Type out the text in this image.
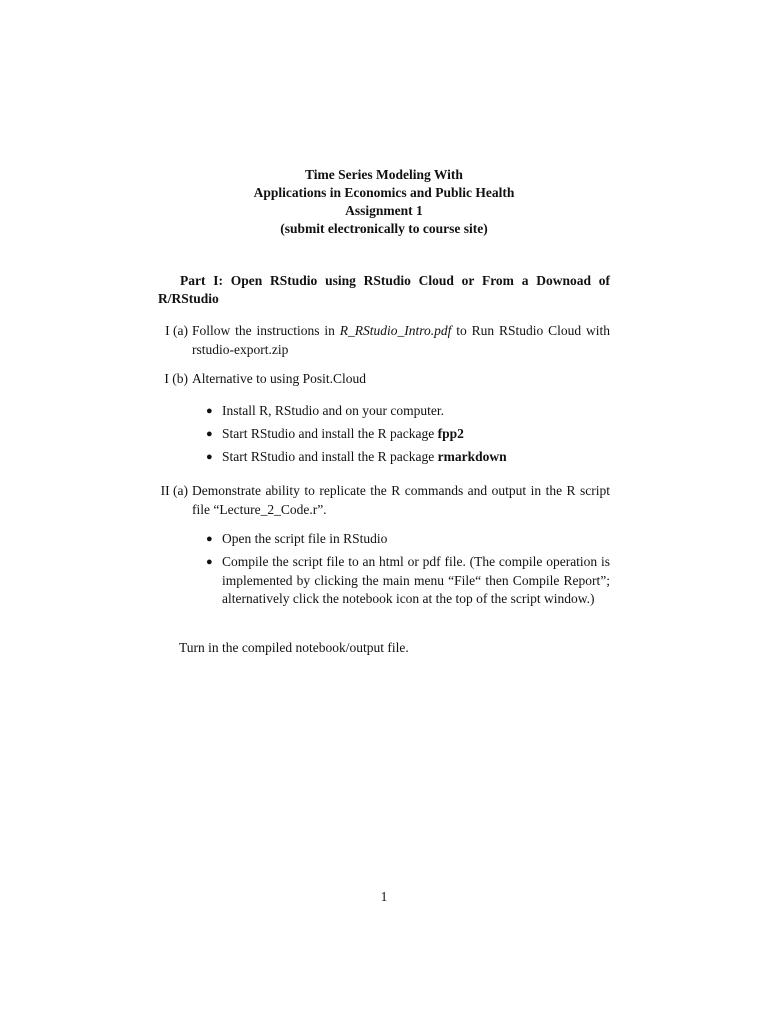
Time Series Modeling With
Applications in Economics and Public Health
Assignment 1
(submit electronically to course site)
Part I: Open RStudio using RStudio Cloud or From a Downoad of R/RStudio
I (a) Follow the instructions in R_RStudio_Intro.pdf to Run RStudio Cloud with rstudio-export.zip
I (b) Alternative to using Posit.Cloud
● Install R, RStudio and on your computer.
● Start RStudio and install the R package fpp2
● Start RStudio and install the R package rmarkdown
II (a) Demonstrate ability to replicate the R commands and output in the R script file “Lecture_2_Code.r”.
● Open the script file in RStudio
● Compile the script file to an html or pdf file. (The compile operation is implemented by clicking the main menu “File“ then Compile Report”; alternatively click the notebook icon at the top of the script window.)
Turn in the compiled notebook/output file.
1
